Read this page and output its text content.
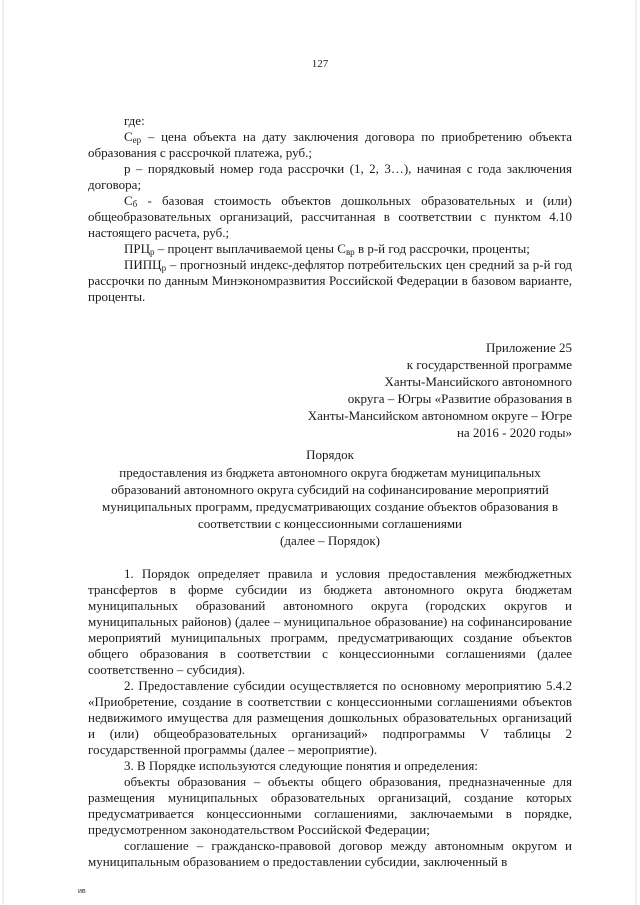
127

где:

$С_{ер}$ – цена объекта на дату заключения договора по приобретению объекта образования с рассрочкой платежа, руб.;

р – порядковый номер года рассрочки (1, 2, 3…), начиная с года заключения договора;

$С_б$ - базовая стоимость объектов дошкольных образовательных и (или) общеобразовательных организаций, рассчитанная в соответствии с пунктом 4.10 настоящего расчета, руб.;

$ПРЦ_р$ – процент выплачиваемой цены $С_{вр}$ в р-й год рассрочки, проценты;

$ПИПЦ_р$ – прогнозный индекс-дефлятор потребительских цен средний за р-й год рассрочки по данным Минэкономразвития Российской Федерации в базовом варианте, проценты.

Приложение 25
к государственной программе
Ханты-Мансийского автономного
округа – Югры «Развитие образования в
Ханты-Мансийском автономном округе – Югре
на 2016 - 2020 годы»
Порядок
предоставления из бюджета автономного округа бюджетам муниципальных образований автономного округа субсидий на софинансирование мероприятий муниципальных программ, предусматривающих создание объектов образования в соответствии с концессионными соглашениями
(далее – Порядок)

1. Порядок определяет правила и условия предоставления межбюджетных трансфертов в форме субсидии из бюджета автономного округа бюджетам муниципальных образований автономного округа (городских округов и муниципальных районов) (далее – муниципальное образование) на софинансирование мероприятий муниципальных программ, предусматривающих создание объектов общего образования в соответствии с концессионными соглашениями (далее соответственно – субсидия).

2. Предоставление субсидии осуществляется по основному мероприятию 5.4.2 «Приобретение, создание в соответствии с концессионными соглашениями объектов недвижимого имущества для размещения дошкольных образовательных организаций и (или) общеобразовательных организаций» подпрограммы V таблицы 2 государственной программы (далее – мероприятие).

3. В Порядке используются следующие понятия и определения:

объекты образования – объекты общего образования, предназначенные для размещения муниципальных образовательных организаций, создание которых предусматривается концессионными соглашениями, заключаемыми в порядке, предусмотренном законодательством Российской Федерации;

соглашение – гражданско-правовой договор между автономным округом и муниципальным образованием о предоставлении субсидии, заключенный в

ив
